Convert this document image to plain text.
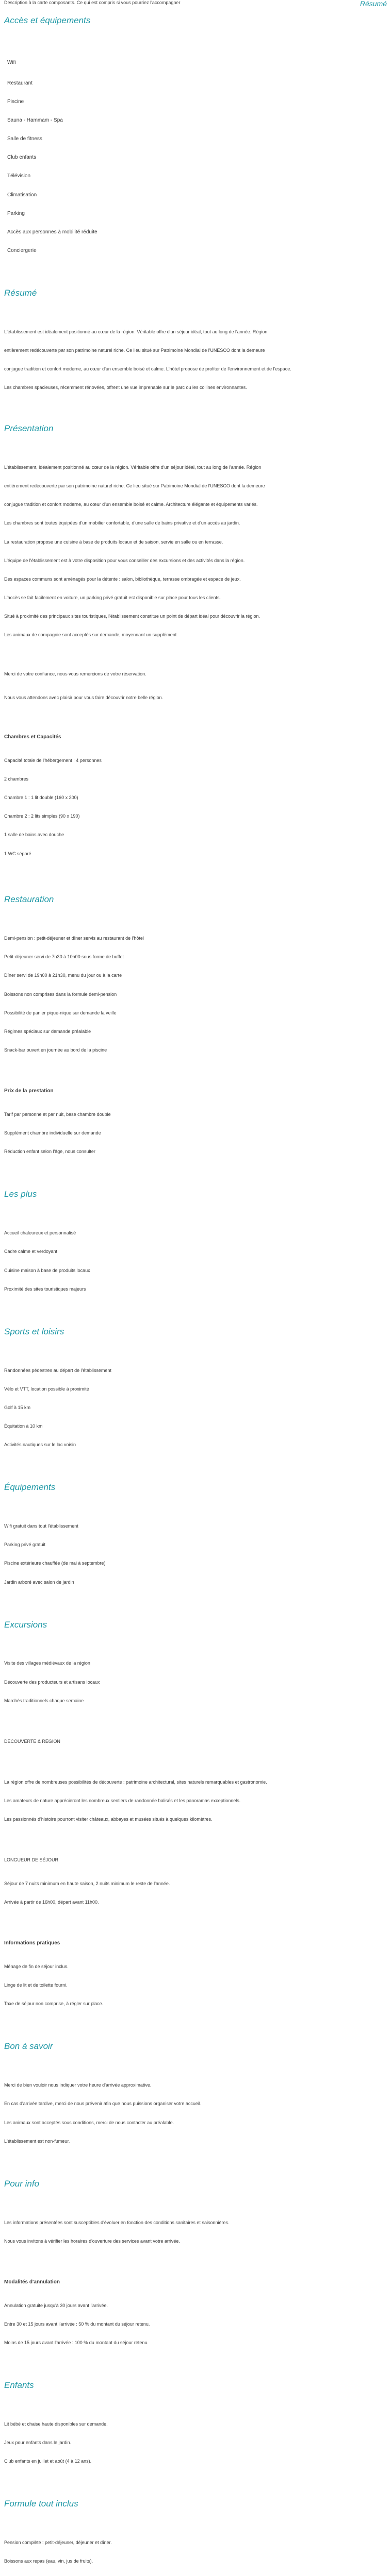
Description à la carte composants. Ce qui est compris si vous pourriez l'accompagner	Résumé
Accès et équipements
Wifi
Restaurant
Piscine
Sauna - Hammam - Spa
Salle de fitness
Club enfants
Télévision
Climatisation
Parking
Accès aux personnes à mobilité réduite
Conciergerie
Résumé
L'établissement est idéalement positionné au cœur de la région. Véritable offre d'un séjour idéal, tout au long de l'année. Région
entièrement redécouverte par son patrimoine naturel riche. Ce lieu situé sur Patrimoine Mondial de l'UNESCO dont la demeure
conjugue tradition et confort moderne, au cœur d'un ensemble boisé et calme. L'hôtel propose de profiter de l'environnement et de l'espace.
Les chambres spacieuses, récemment rénovées, offrent une vue imprenable sur le parc ou les collines environnantes.
Présentation
L'établissement, idéalement positionné au cœur de la région. Véritable offre d'un séjour idéal, tout au long de l'année. Région
entièrement redécouverte par son patrimoine naturel riche. Ce lieu situé sur Patrimoine Mondial de l'UNESCO dont la demeure
conjugue tradition et confort moderne, au cœur d'un ensemble boisé et calme. Architecture élégante et équipements variés.
Les chambres sont toutes équipées d'un mobilier confortable, d'une salle de bains privative et d'un accès au jardin.
La restauration propose une cuisine à base de produits locaux et de saison, servie en salle ou en terrasse.
L'équipe de l'établissement est à votre disposition pour vous conseiller des excursions et des activités dans la région.
Des espaces communs sont aménagés pour la détente : salon, bibliothèque, terrasse ombragée et espace de jeux.
L'accès se fait facilement en voiture, un parking privé gratuit est disponible sur place pour tous les clients.
Situé à proximité des principaux sites touristiques, l'établissement constitue un point de départ idéal pour découvrir la région.
Les animaux de compagnie sont acceptés sur demande, moyennant un supplément.
Merci de votre confiance, nous vous remercions de votre réservation.
Nous vous attendons avec plaisir pour vous faire découvrir notre belle région.
Chambres et Capacités
Capacité totale de l'hébergement : 4 personnes
2 chambres
Chambre 1 : 1 lit double (160 x 200)
Chambre 2 : 2 lits simples (90 x 190)
1 salle de bains avec douche
1 WC séparé
Restauration
Demi-pension : petit-déjeuner et dîner servis au restaurant de l'hôtel
Petit-déjeuner servi de 7h30 à 10h00 sous forme de buffet
Dîner servi de 19h00 à 21h30, menu du jour ou à la carte
Boissons non comprises dans la formule demi-pension
Possibilité de panier pique-nique sur demande la veille
Régimes spéciaux sur demande préalable
Snack-bar ouvert en journée au bord de la piscine
Prix de la prestation
Tarif par personne et par nuit, base chambre double
Supplément chambre individuelle sur demande
Réduction enfant selon l'âge, nous consulter
Les plus
Accueil chaleureux et personnalisé
Cadre calme et verdoyant
Cuisine maison à base de produits locaux
Proximité des sites touristiques majeurs
Sports et loisirs
Randonnées pédestres au départ de l'établissement
Vélo et VTT, location possible à proximité
Golf à 15 km
Équitation à 10 km
Activités nautiques sur le lac voisin
Équipements
Wifi gratuit dans tout l'établissement
Parking privé gratuit
Piscine extérieure chauffée (de mai à septembre)
Jardin arboré avec salon de jardin
Excursions
Visite des villages médiévaux de la région
Découverte des producteurs et artisans locaux
Marchés traditionnels chaque semaine
DÉCOUVERTE & RÉGION
La région offre de nombreuses possibilités de découverte : patrimoine architectural, sites naturels remarquables et gastronomie.
Les amateurs de nature apprécieront les nombreux sentiers de randonnée balisés et les panoramas exceptionnels.
Les passionnés d'histoire pourront visiter châteaux, abbayes et musées situés à quelques kilomètres.
LONGUEUR DE SÉJOUR
Séjour de 7 nuits minimum en haute saison, 2 nuits minimum le reste de l'année.
Arrivée à partir de 16h00, départ avant 11h00.
Informations pratiques
Ménage de fin de séjour inclus.
Linge de lit et de toilette fourni.
Taxe de séjour non comprise, à régler sur place.
Bon à savoir
Merci de bien vouloir nous indiquer votre heure d'arrivée approximative.
En cas d'arrivée tardive, merci de nous prévenir afin que nous puissions organiser votre accueil.
Les animaux sont acceptés sous conditions, merci de nous contacter au préalable.
L'établissement est non-fumeur.
Pour info
Les informations présentées sont susceptibles d'évoluer en fonction des conditions sanitaires et saisonnières.
Nous vous invitons à vérifier les horaires d'ouverture des services avant votre arrivée.
Modalités d'annulation
Annulation gratuite jusqu'à 30 jours avant l'arrivée.
Entre 30 et 15 jours avant l'arrivée : 50 % du montant du séjour retenu.
Moins de 15 jours avant l'arrivée : 100 % du montant du séjour retenu.
Enfants
Lit bébé et chaise haute disponibles sur demande.
Jeux pour enfants dans le jardin.
Club enfants en juillet et août (4 à 12 ans).
Formule tout inclus
Pension complète : petit-déjeuner, déjeuner et dîner.
Boissons aux repas (eau, vin, jus de fruits).
